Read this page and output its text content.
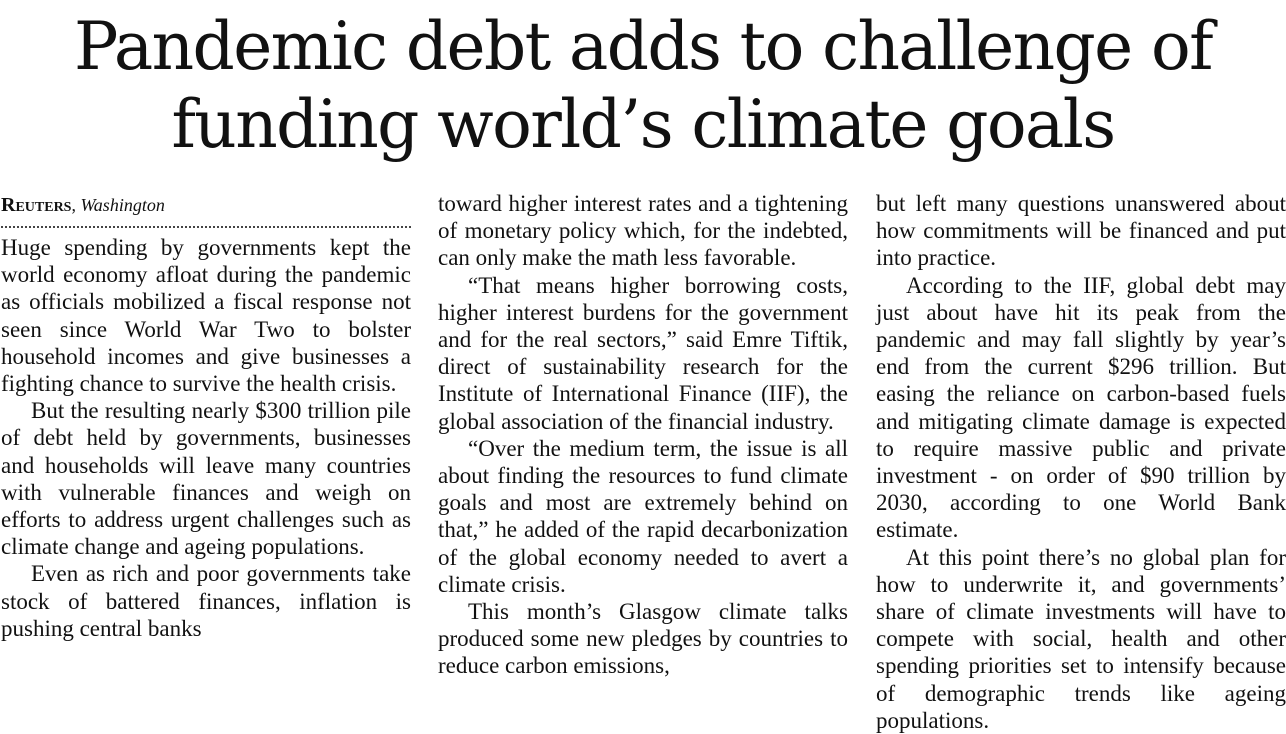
Pandemic debt adds to challenge of
funding world’s climate goals
Reuters, Washington

Huge spending by governments kept the world economy afloat during the pandemic as officials mobilized a fiscal response not seen since World War Two to bolster household incomes and give businesses a fighting chance to survive the health crisis.

But the resulting nearly $300 trillion pile of debt held by governments, businesses and households will leave many countries with vulnerable finances and weigh on efforts to address urgent challenges such as climate change and ageing populations.

Even as rich and poor governments take stock of battered finances, inflation is pushing central banks

toward higher interest rates and a tightening of monetary policy which, for the indebted, can only make the math less favorable.

“That means higher borrowing costs, higher interest burdens for the government and for the real sectors,” said Emre Tiftik, direct of sustainability research for the Institute of International Finance (IIF), the global association of the financial industry.

“Over the medium term, the issue is all about finding the resources to fund climate goals and most are extremely behind on that,” he added of the rapid decarbonization of the global economy needed to avert a climate crisis.

This month’s Glasgow climate talks produced some new pledges by countries to reduce carbon emissions,

but left many questions unanswered about how commitments will be financed and put into practice.

According to the IIF, global debt may just about have hit its peak from the pandemic and may fall slightly by year’s end from the current $296 trillion. But easing the reliance on carbon-based fuels and mitigating climate damage is expected to require massive public and private investment - on order of $90 trillion by 2030, according to one World Bank estimate.

At this point there’s no global plan for how to underwrite it, and governments’ share of climate investments will have to compete with social, health and other spending priorities set to intensify because of demographic trends like ageing populations.
